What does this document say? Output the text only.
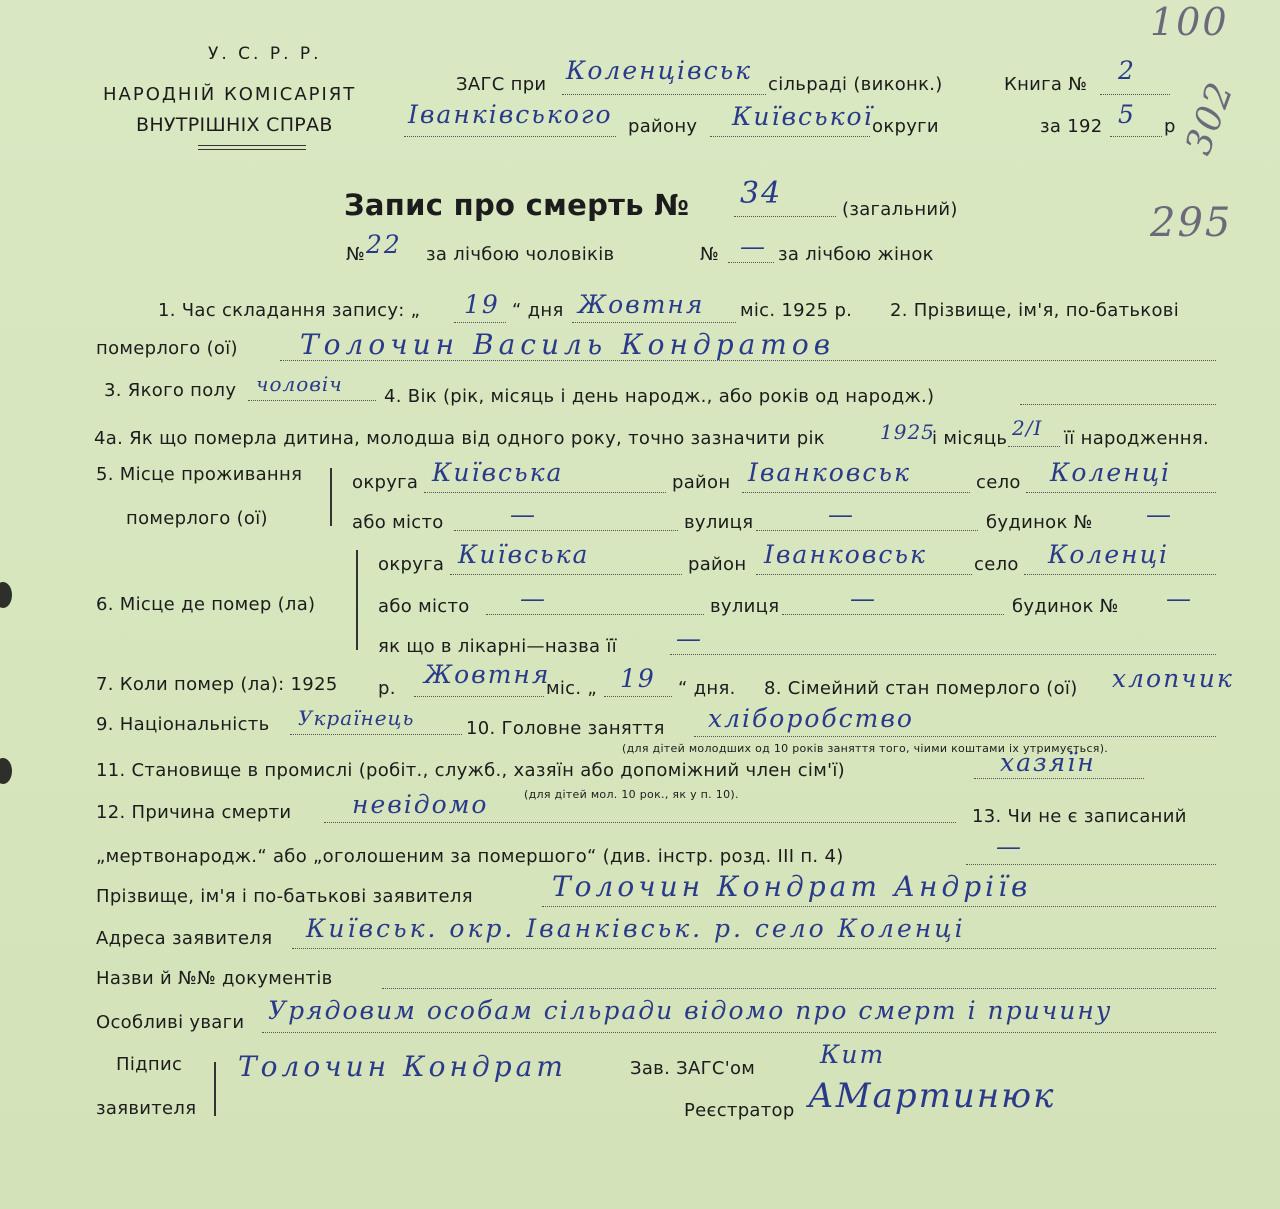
У. С. Р. Р.
НАРОДНІЙ КОМІСАРІЯТ
ВНУТРІШНІХ СПРАВ
ЗАГС при Коленцівськ сільраді (виконк.)
Іванківського району Київської
округи
Книга № 2
за 192 5 р
100
302
295
Запис про смерть № 34	(загальний)
№ 22 за лічбою чоловіків	№ — за лічбою жінок
1. Час складання запису: „ 19 “ дня Жовтня міс. 1925 р. 2. Прізвище, ім'я, по-батькові
померлого (ої) Толочин Василь Кондратов
3. Якого полу чоловіч
4. Вік (рік, місяць і день народж., або років од народж.)
4а. Як що померла дитина, молодша від одного року, точно зазначити рік	1925
і місяць 2/І її народження.
5. Місце проживання
померлого (ої)
округа Київська	район Іванковськ	село Коленці
або місто	—	вулиця	—	будинок № —
6. Місце де помер (ла)
округа Київська	район Іванковськ	село Коленці
або місто —	вулиця	—	будинок № —
як що в лікарні—назва її —
7. Коли помер (ла): 1925 р. Жовтня
міс. „ 19 “ дня. 8. Сімейний стан померлого (ої) хлопчик
9. Національність Українець	10. Головне заняття хліборобство
(для дітей молодших од 10 років заняття того, чіими коштами ix утримується).
11. Становище в промислі (робіт., служб., хазяїн або допоміжний член сім'ї)	хазяїн
невідомо	(для дітей мол. 10 рок., як у п. 10).
12. Причина смерти	13. Чи не є записаний
„мертвонародж.“ або „оголошеним за помершого“ (див. інстр. розд. III п. 4)	—
Прізвище, ім'я і по-батькові заявителя	Толочин Кондрат Андріїв
Адреса заявителя Київськ. окр. Іванківськ. р. село Коленці
Назви й №№ документів
Особливі уваги Урядовим особам сільради відомо про смерт і причину
Підпис
заявителя
Толочин Кондрат	Зав. ЗАГС'ом	Кит
Реєстратор АМартинюк
